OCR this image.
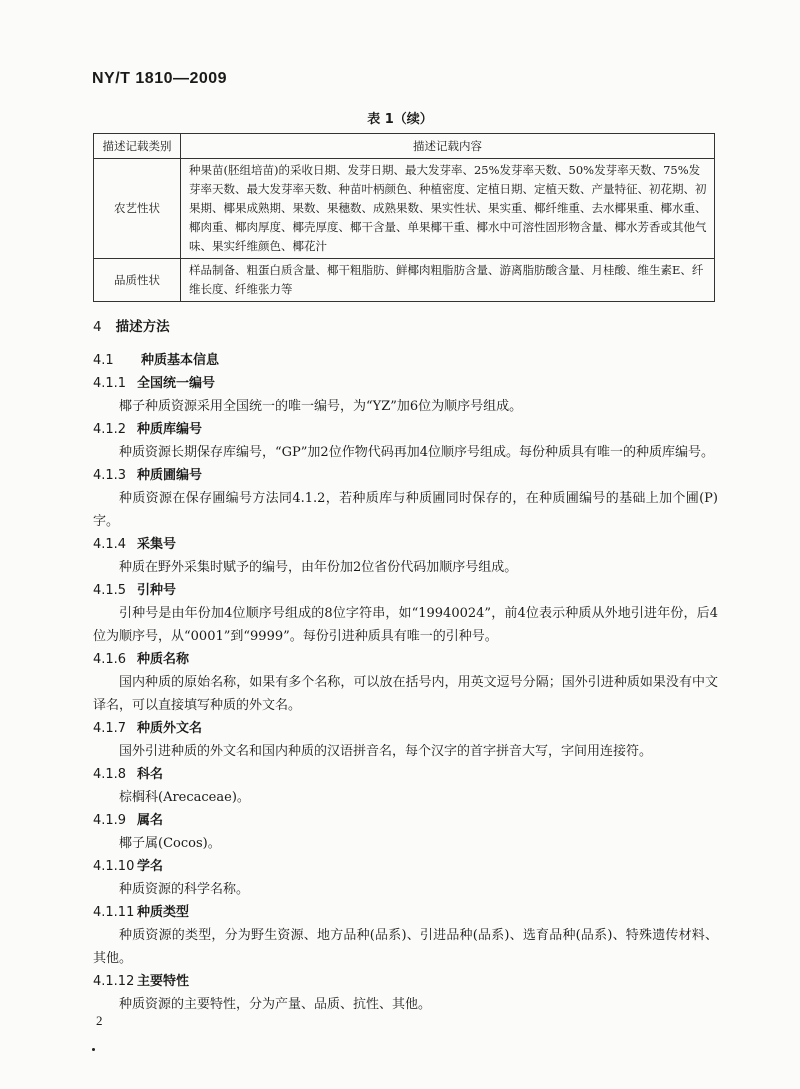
NY/T 1810—2009
表 1（续）
描述记载类别	描述记载内容
农艺性状	种果苗(胚组培苗)的采收日期、发芽日期、最大发芽率、25%发芽率天数、50%发芽率天数、75%发芽率天数、最大发芽率天数、种苗叶柄颜色、种植密度、定植日期、定植天数、产量特征、初花期、初果期、椰果成熟期、果数、果穗数、成熟果数、果实性状、果实重、椰纤维重、去水椰果重、椰水重、椰肉重、椰肉厚度、椰壳厚度、椰干含量、单果椰干重、椰水中可溶性固形物含量、椰水芳香或其他气味、果实纤维颜色、椰花汁
品质性状	样品制备、粗蛋白质含量、椰干粗脂肪、鲜椰肉粗脂肪含量、游离脂肪酸含量、月桂酸、维生素E、纤维长度、纤维张力等
4 描述方法
4.1 种质基本信息
4.1.1 全国统一编号

椰子种质资源采用全国统一的唯一编号，为“YZ”加6位为顺序号组成。

4.1.2 种质库编号

种质资源长期保存库编号，“GP”加2位作物代码再加4位顺序号组成。每份种质具有唯一的种质库编号。

4.1.3 种质圃编号

种质资源在保存圃编号方法同4.1.2，若种质库与种质圃同时保存的，在种质圃编号的基础上加个圃(P)字。

4.1.4 采集号

种质在野外采集时赋予的编号，由年份加2位省份代码加顺序号组成。

4.1.5 引种号

引种号是由年份加4位顺序号组成的8位字符串，如“19940024”，前4位表示种质从外地引进年份，后4位为顺序号，从“0001”到“9999”。每份引进种质具有唯一的引种号。

4.1.6 种质名称

国内种质的原始名称，如果有多个名称，可以放在括号内，用英文逗号分隔；国外引进种质如果没有中文译名，可以直接填写种质的外文名。

4.1.7 种质外文名

国外引进种质的外文名和国内种质的汉语拼音名，每个汉字的首字拼音大写，字间用连接符。

4.1.8 科名

棕榈科(Arecaceae)。

4.1.9 属名

椰子属(Cocos)。

4.1.10 学名

种质资源的科学名称。

4.1.11 种质类型

种质资源的类型，分为野生资源、地方品种(品系)、引进品种(品系)、选育品种(品系)、特殊遗传材料、其他。

4.1.12 主要特性

种质资源的主要特性，分为产量、品质、抗性、其他。

2
